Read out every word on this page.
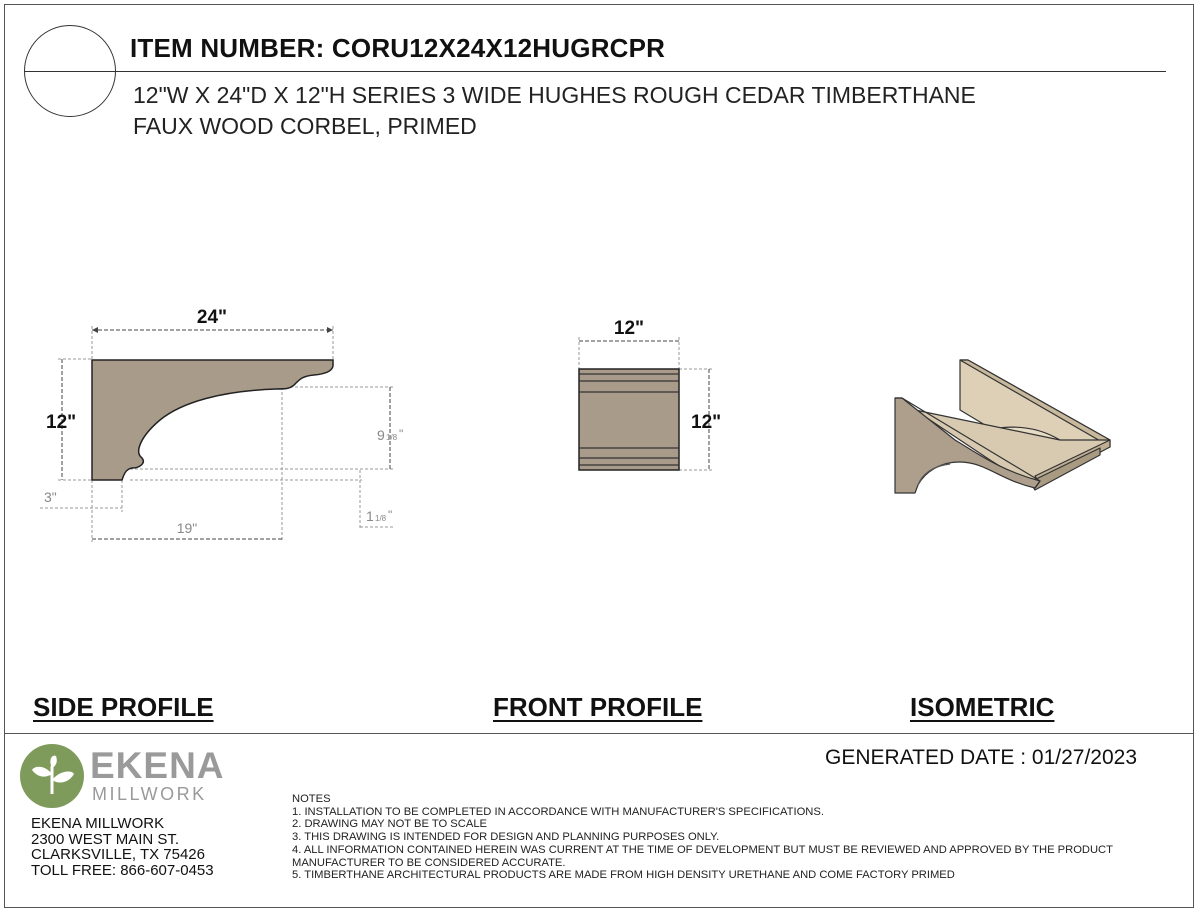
ITEM NUMBER: CORU12X24X12HUGRCPR
12"W X 24"D X 12"H SERIES 3 WIDE HUGHES ROUGH CEDAR TIMBERTHANE
FAUX WOOD CORBEL, PRIMED
24"
12"
9 1/8 "
3"
19"
1 1/8 "
12"
12"
SIDE PROFILE	FRONT PROFILE	ISOMETRIC
GENERATED DATE : 01/27/2023
EKENA
MILLWORK
EKENA MILLWORK
2300 WEST MAIN ST.
CLARKSVILLE, TX 75426
TOLL FREE: 866-607-0453
NOTES
1. INSTALLATION TO BE COMPLETED IN ACCORDANCE WITH MANUFACTURER'S SPECIFICATIONS.
2. DRAWING MAY NOT BE TO SCALE
3. THIS DRAWING IS INTENDED FOR DESIGN AND PLANNING PURPOSES ONLY.
4. ALL INFORMATION CONTAINED HEREIN WAS CURRENT AT THE TIME OF DEVELOPMENT BUT MUST BE REVIEWED AND APPROVED BY THE PRODUCT MANUFACTURER TO BE CONSIDERED ACCURATE.
5. TIMBERTHANE ARCHITECTURAL PRODUCTS ARE MADE FROM HIGH DENSITY URETHANE AND COME FACTORY PRIMED
